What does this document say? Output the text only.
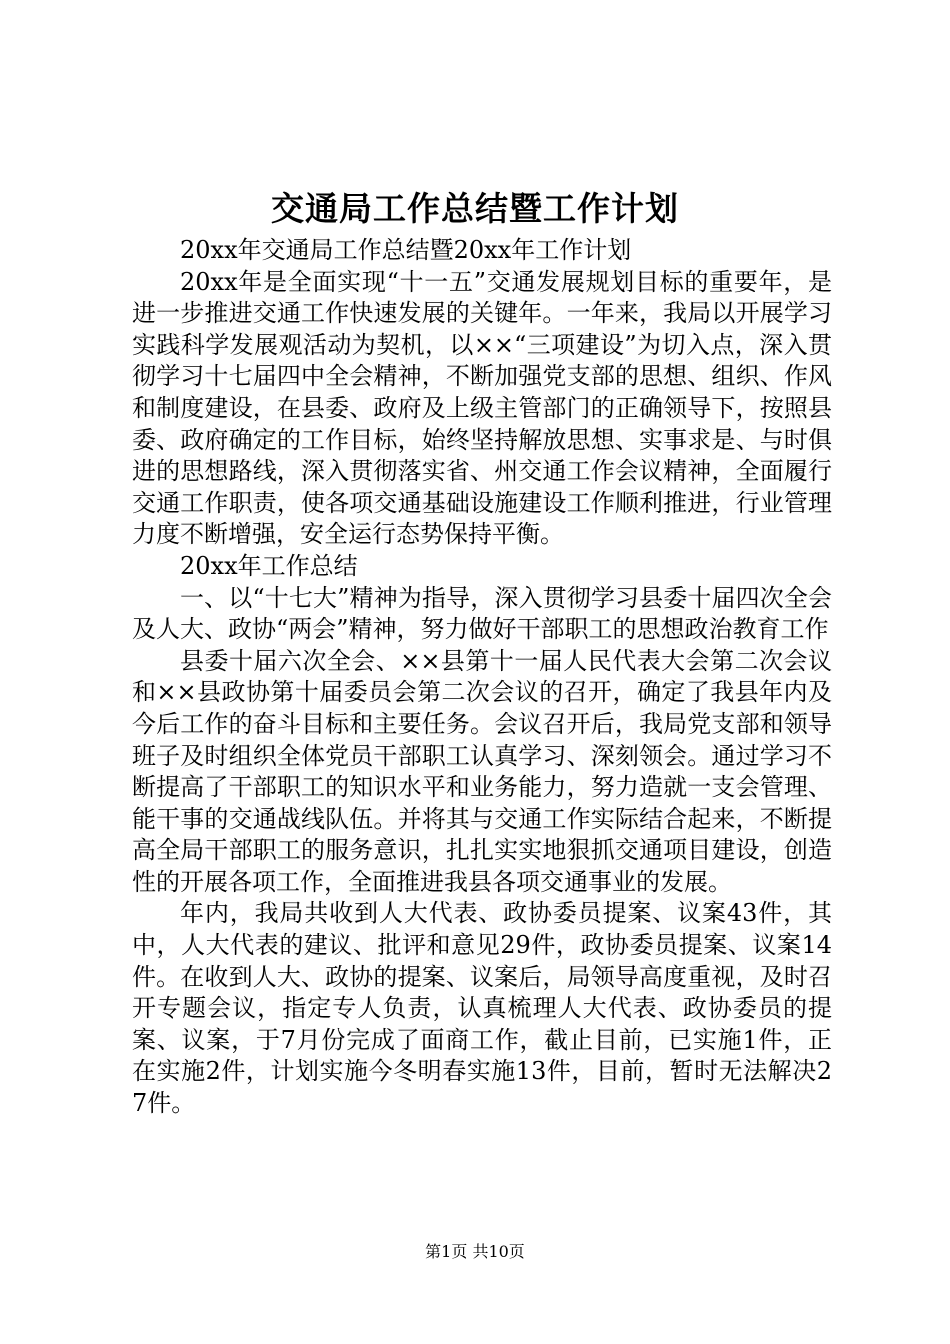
交通局工作总结暨工作计划

20xx年交通局工作总结暨20xx年工作计划

20xx年是全面实现“十一五”交通发展规划目标的重要年，是进一步推进交通工作快速发展的关键年。一年来，我局以开展学习实践科学发展观活动为契机，以××“三项建设”为切入点，深入贯彻学习十七届四中全会精神，不断加强党支部的思想、组织、作风和制度建设，在县委、政府及上级主管部门的正确领导下，按照县委、政府确定的工作目标，始终坚持解放思想、实事求是、与时俱进的思想路线，深入贯彻落实省、州交通工作会议精神，全面履行交通工作职责，使各项交通基础设施建设工作顺利推进，行业管理力度不断增强，安全运行态势保持平衡。

20xx年工作总结

一、以“十七大”精神为指导，深入贯彻学习县委十届四次全会及人大、政协“两会”精神，努力做好干部职工的思想政治教育工作

县委十届六次全会、××县第十一届人民代表大会第二次会议和××县政协第十届委员会第二次会议的召开，确定了我县年内及今后工作的奋斗目标和主要任务。会议召开后，我局党支部和领导班子及时组织全体党员干部职工认真学习、深刻领会。通过学习不断提高了干部职工的知识水平和业务能力，努力造就一支会管理、能干事的交通战线队伍。并将其与交通工作实际结合起来，不断提高全局干部职工的服务意识，扎扎实实地狠抓交通项目建设，创造性的开展各项工作，全面推进我县各项交通事业的发展。

年内，我局共收到人大代表、政协委员提案、议案43件，其中，人大代表的建议、批评和意见29件，政协委员提案、议案14件。在收到人大、政协的提案、议案后，局领导高度重视，及时召开专题会议，指定专人负责，认真梳理人大代表、政协委员的提案、议案，于7月份完成了面商工作，截止目前，已实施1件，正在实施2件，计划实施今冬明春实施13件，目前，暂时无法解决27件。

第1页 共10页
